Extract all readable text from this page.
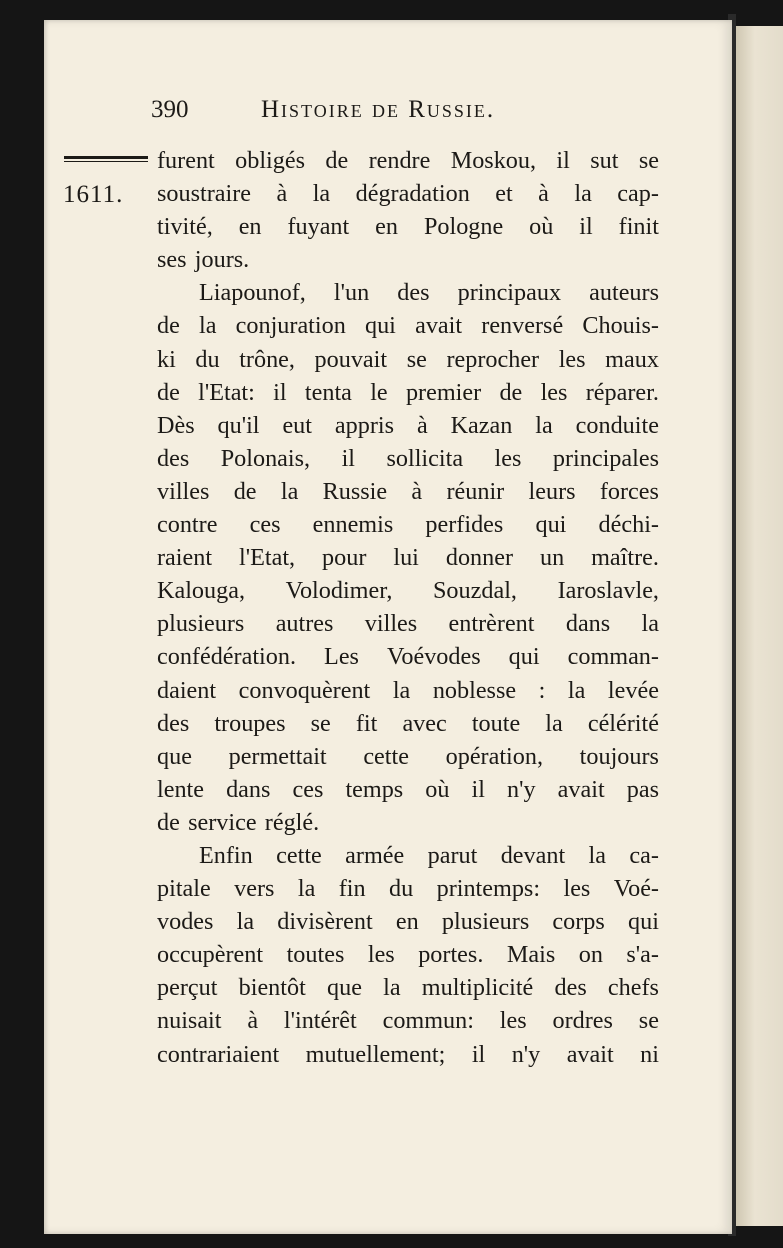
390	Histoire de Russie.
1611.
furent obligés de rendre Moskou, il sut se
soustraire à la dégradation et à la cap-
tivité, en fuyant en Pologne où il finit
ses jours.
Liapounof, l'un des principaux auteurs
de la conjuration qui avait renversé Chouis-
ki du trône, pouvait se reprocher les maux
de l'Etat: il tenta le premier de les réparer.
Dès qu'il eut appris à Kazan la conduite
des Polonais, il sollicita les principales
villes de la Russie à réunir leurs forces
contre ces ennemis perfides qui déchi-
raient l'Etat, pour lui donner un maître.
Kalouga, Volodimer, Souzdal, Iaroslavle,
plusieurs autres villes entrèrent dans la
confédération. Les Voévodes qui comman-
daient convoquèrent la noblesse : la levée
des troupes se fit avec toute la célérité
que permettait cette opération, toujours
lente dans ces temps où il n'y avait pas
de service réglé.
Enfin cette armée parut devant la ca-
pitale vers la fin du printemps: les Voé-
vodes la divisèrent en plusieurs corps qui
occupèrent toutes les portes. Mais on s'a-
perçut bientôt que la multiplicité des chefs
nuisait à l'intérêt commun: les ordres se
contrariaient mutuellement; il n'y avait ni
